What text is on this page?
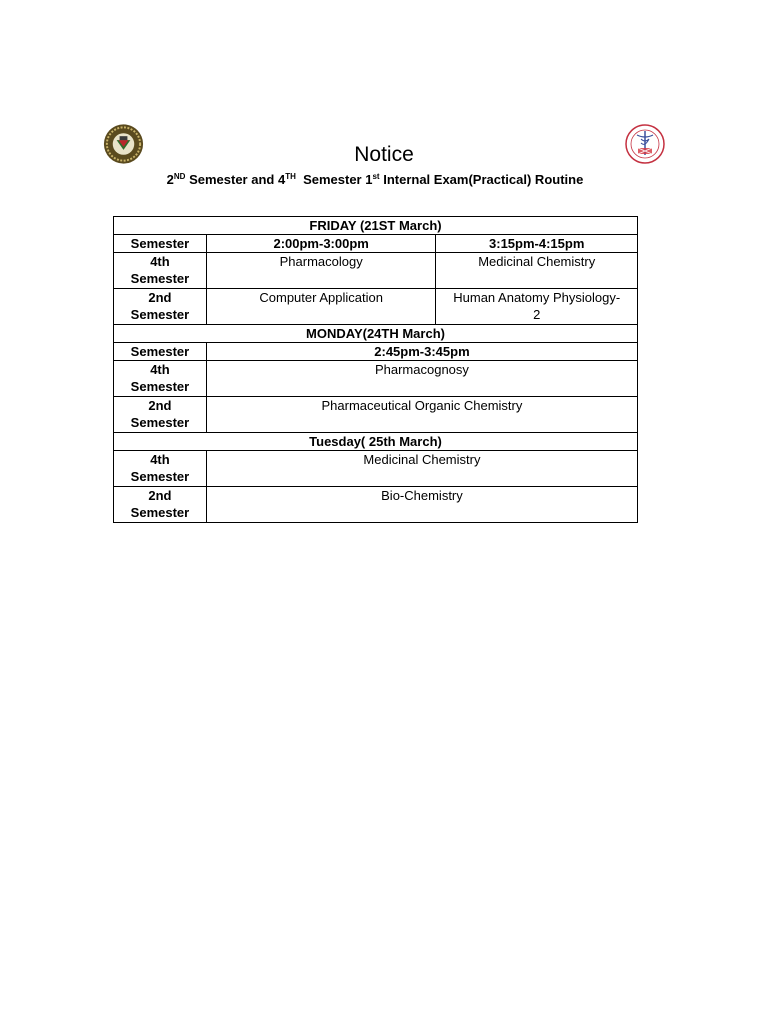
Notice
2ND Semester and 4TH  Semester 1st Internal Exam(Practical) Routine
FRIDAY (21ST March)		
Semester	2:00pm-3:00pm	3:15pm-4:15pm
4th
Semester	Pharmacology	Medicinal Chemistry
2nd
Semester	Computer Application	Human Anatomy Physiology-
2
MONDAY(24TH March)		
Semester	2:45pm-3:45pm	
4th
Semester	Pharmacognosy	
2nd
Semester	Pharmaceutical Organic Chemistry	
Tuesday( 25th March)		
4th
Semester	Medicinal Chemistry	
2nd
Semester	Bio-Chemistry	
